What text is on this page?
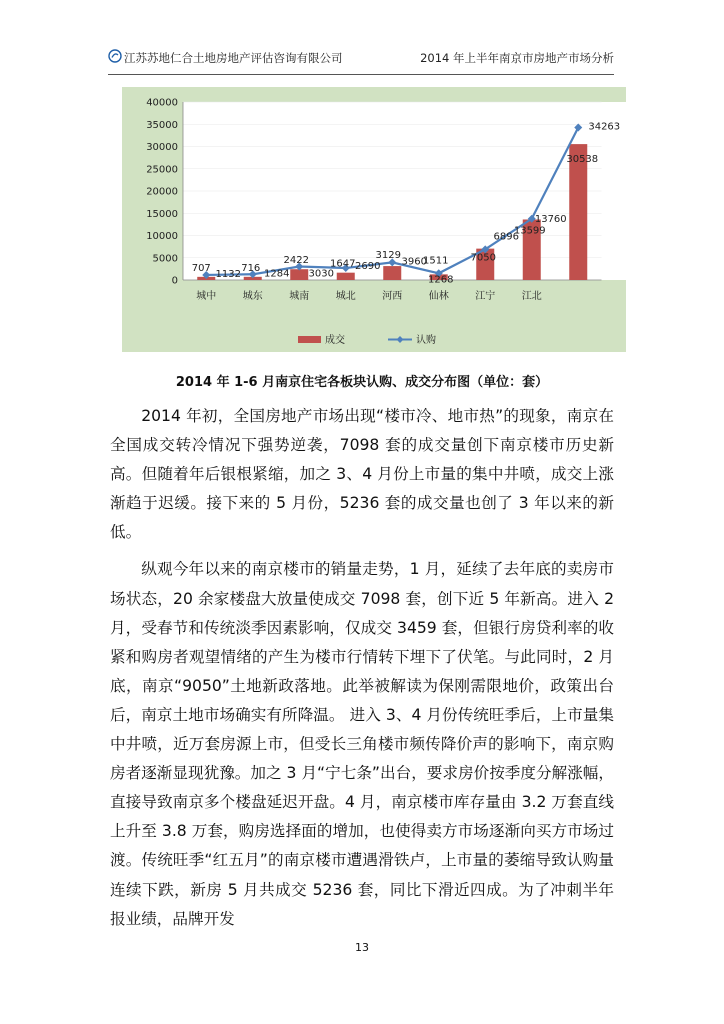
江苏苏地仁合土地房地产评估咨询有限公司	2014 年上半年南京市房地产市场分析
0
5000
10000
15000
20000
25000
30000
35000
40000
城中	城东	城南	城北	河西	仙林	江宁	江北
707	716
2422 1647
3129
1268
7050
13599
30538
1132 1284 3030
2690 3960
1511
6896
13760
34263
成交	认购
2014 年 1-6 月南京住宅各板块认购、成交分布图（单位：套）

2014 年初，全国房地产市场出现“楼市冷、地市热”的现象，南京在全国成交转冷情况下强势逆袭，7098 套的成交量创下南京楼市历史新高。但随着年后银根紧缩，加之 3、4 月份上市量的集中井喷，成交上涨渐趋于迟缓。接下来的 5 月份，5236 套的成交量也创了 3 年以来的新低。

纵观今年以来的南京楼市的销量走势，1 月，延续了去年底的卖房市场状态，20 余家楼盘大放量使成交 7098 套，创下近 5 年新高。进入 2 月，受春节和传统淡季因素影响，仅成交 3459 套，但银行房贷利率的收紧和购房者观望情绪的产生为楼市行情转下埋下了伏笔。与此同时，2 月底，南京“9050”土地新政落地。此举被解读为保刚需限地价，政策出台后，南京土地市场确实有所降温。 进入 3、4 月份传统旺季后，上市量集中井喷，近万套房源上市，但受长三角楼市频传降价声的影响下，南京购房者逐渐显现犹豫。加之 3 月“宁七条”出台，要求房价按季度分解涨幅，直接导致南京多个楼盘延迟开盘。4 月，南京楼市库存量由 3.2 万套直线上升至 3.8 万套，购房选择面的增加，也使得卖方市场逐渐向买方市场过渡。传统旺季“红五月”的南京楼市遭遇滑铁卢，上市量的萎缩导致认购量连续下跌，新房 5 月共成交 5236 套，同比下滑近四成。为了冲刺半年报业绩，品牌开发

13
